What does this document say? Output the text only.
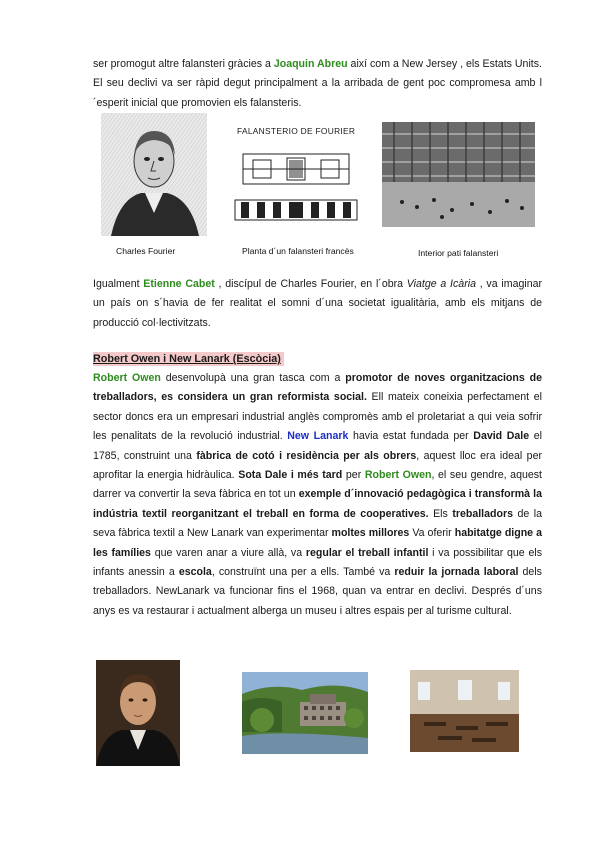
ser promogut altre falansteri gràcies a Joaquin Abreu així com a New Jersey , els Estats Units. El seu declivi va ser ràpid degut principalment a la arribada de gent poc compromesa amb l´esperit inicial que promovien els falansteris.

Charles Fourier
FALANSTERIO DE FOURIER
Planta d´un falansteri francès	Interior pati falansteri

Igualment Etienne Cabet , discípul de Charles Fourier, en l´obra Viatge a Icària , va imaginar un país on s´havia de fer realitat el somni d´una societat igualitària, amb els mitjans de producció col·lectivitzats.

Robert Owen i New Lanark (Escòcia)

Robert Owen desenvolupà una gran tasca com a promotor de noves organitzacions de treballadors, es considera un gran reformista social. Ell mateix coneixia perfectament el sector doncs era un empresari industrial anglès compromès amb el proletariat a qui veia sofrir les penalitats de la revolució industrial. New Lanark havia estat fundada per David Dale el 1785, construint una fàbrica de cotó i residència per als obrers, aquest lloc era ideal per aprofitar la energia hidràulica. Sota Dale i més tard per Robert Owen, el seu gendre, aquest darrer va convertir la seva fàbrica en tot un exemple d´innovació pedagògica i transformà la indústria textil reorganitzant el treball en forma de cooperatives. Els treballadors de la seva fàbrica textil a New Lanark van experimentar moltes millores Va oferir habitatge digne a les famílies que varen anar a viure allà, va regular el treball infantil i va possibilitar que els infants anessin a escola, construïnt una per a ells. També va reduir la jornada laboral dels treballadors. NewLanark va funcionar fins el 1968, quan va entrar en declivi. Després d´uns anys es va restaurar i actualment alberga un museu i altres espais per al turisme cultural.
